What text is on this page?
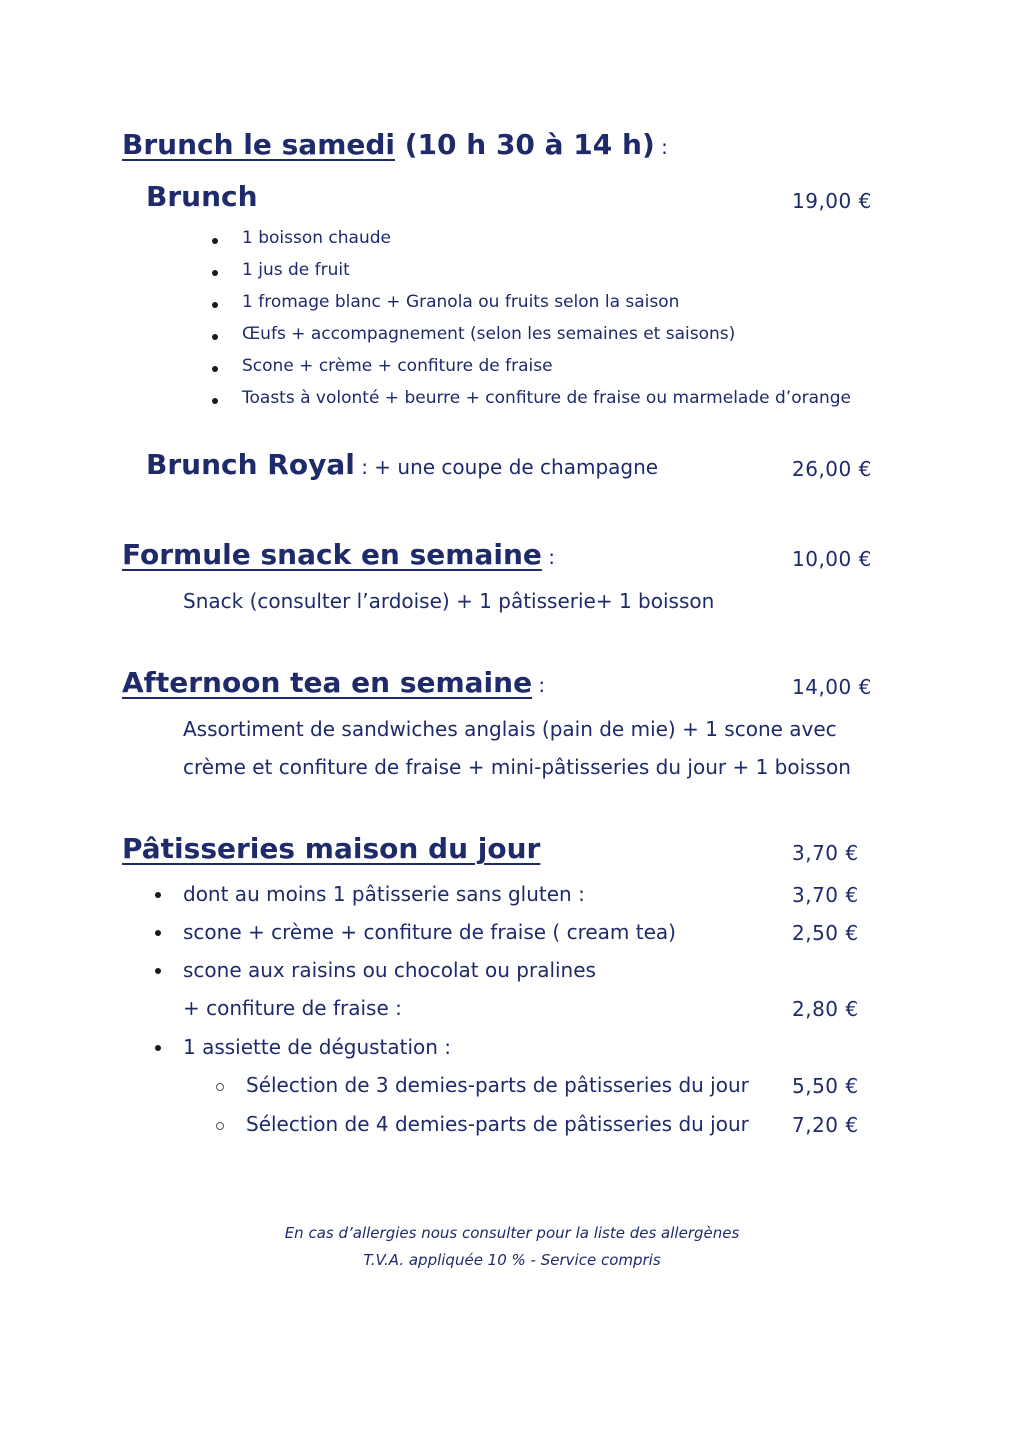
Brunch le samedi (10 h 30 à 14 h) :
Brunch	19,00 €
1 boisson chaude
1 jus de fruit
1 fromage blanc + Granola ou fruits selon la saison
Œufs + accompagnement (selon les semaines et saisons)
Scone + crème + confiture de fraise
Toasts à volonté + beurre + confiture de fraise ou marmelade d’orange
Brunch Royal : + une coupe de champagne	26,00 €
Formule snack en semaine :	10,00 €
Snack (consulter l’ardoise) + 1 pâtisserie+ 1 boisson
Afternoon tea en semaine :	14,00 €
Assortiment de sandwiches anglais (pain de mie) + 1 scone avec
crème et confiture de fraise + mini-pâtisseries du jour + 1 boisson
Pâtisseries maison du jour	3,70 €
dont au moins 1 pâtisserie sans gluten :	3,70 €
scone + crème + confiture de fraise ( cream tea)	2,50 €
scone aux raisins ou chocolat ou pralines
+ confiture de fraise :	2,80 €
1 assiette de dégustation :
Sélection de 3 demies-parts de pâtisseries du jour 5,50 €
Sélection de 4 demies-parts de pâtisseries du jour 7,20 €
En cas d’allergies nous consulter pour la liste des allergènes
T.V.A. appliquée 10 % - Service compris
